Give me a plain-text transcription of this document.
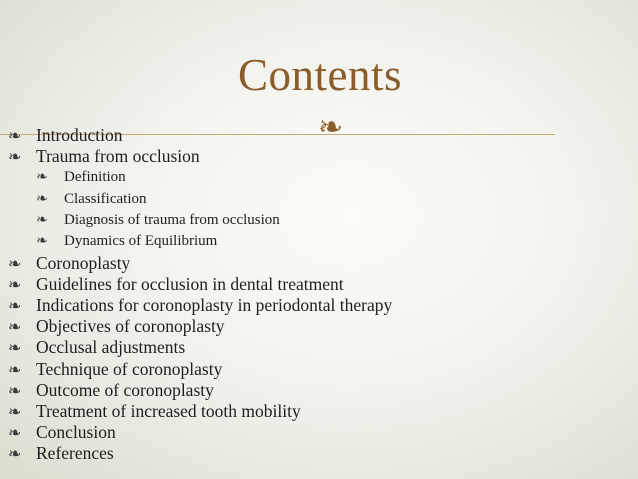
Contents
❧
❧ Introduction
❧ Trauma from occlusion
❧ Definition
❧ Classification
❧ Diagnosis of trauma from occlusion
❧ Dynamics of Equilibrium
❧ Coronoplasty
❧ Guidelines for occlusion in dental treatment
❧ Indications for coronoplasty in periodontal therapy
❧ Objectives of coronoplasty
❧ Occlusal adjustments
❧ Technique of coronoplasty
❧ Outcome of coronoplasty
❧ Treatment of increased tooth mobility
❧ Conclusion
❧ References
